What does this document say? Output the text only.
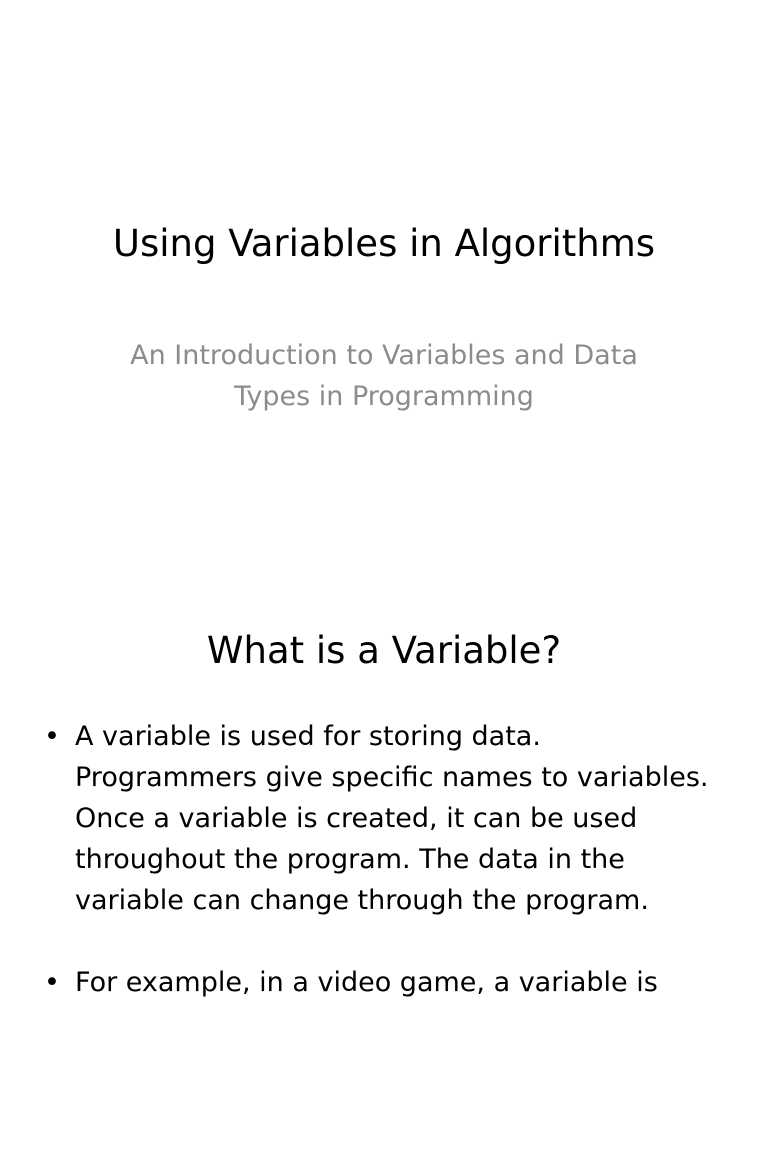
Using Variables in Algorithms

An Introduction to Variables and Data
Types in Programming

What is a Variable?
• A variable is used for storing data.
Programmers give specific names to variables.
Once a variable is created, it can be used
throughout the program. The data in the
variable can change through the program.
• For example, in a video game, a variable is
